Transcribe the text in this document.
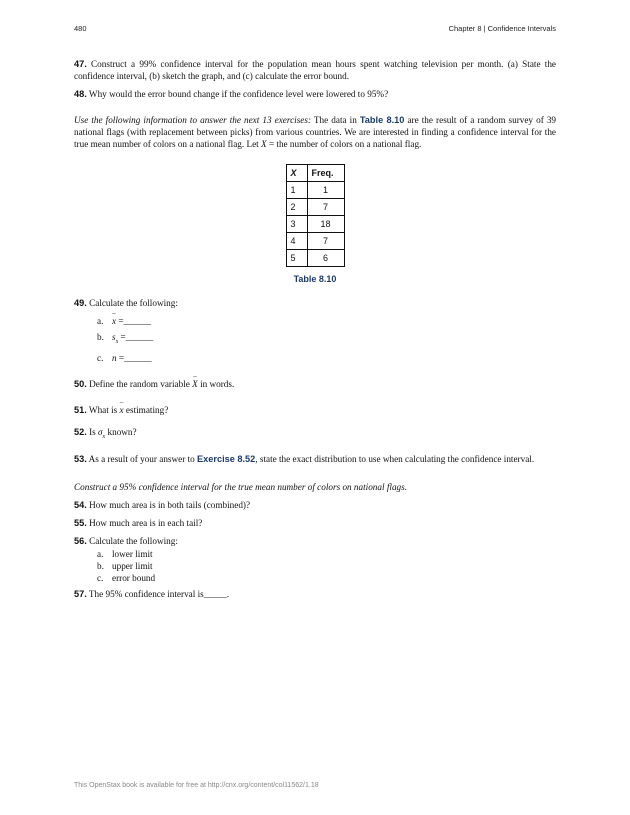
480	Chapter 8 | Confidence Intervals

47. Construct a 99% confidence interval for the population mean hours spent watching television per month. (a) State the confidence interval, (b) sketch the graph, and (c) calculate the error bound.

48. Why would the error bound change if the confidence level were lowered to 95%?

Use the following information to answer the next 13 exercises: The data in Table 8.10 are the result of a random survey of 39 national flags (with replacement between picks) from various countries. We are interested in finding a confidence interval for the true mean number of colors on a national flag. Let X = the number of colors on a national flag.

X	Freq.
1	1
2	7
3	18
4	7
5	6

Table 8.10

49. Calculate the following:

a. – x =______

b. $s_x$ =______

c. n =______

50. Define the random variable – X in words.

51. What is – x estimating?

52. Is $\sigma_x$ known?

53. As a result of your answer to Exercise 8.52, state the exact distribution to use when calculating the confidence interval.

Construct a 95% confidence interval for the true mean number of colors on national flags.

54. How much area is in both tails (combined)?

55. How much area is in each tail?

56. Calculate the following:

a. lower limit

b. upper limit

c. error bound

57. The 95% confidence interval is_____.

This OpenStax book is available for free at http://cnx.org/content/col11562/1.18
